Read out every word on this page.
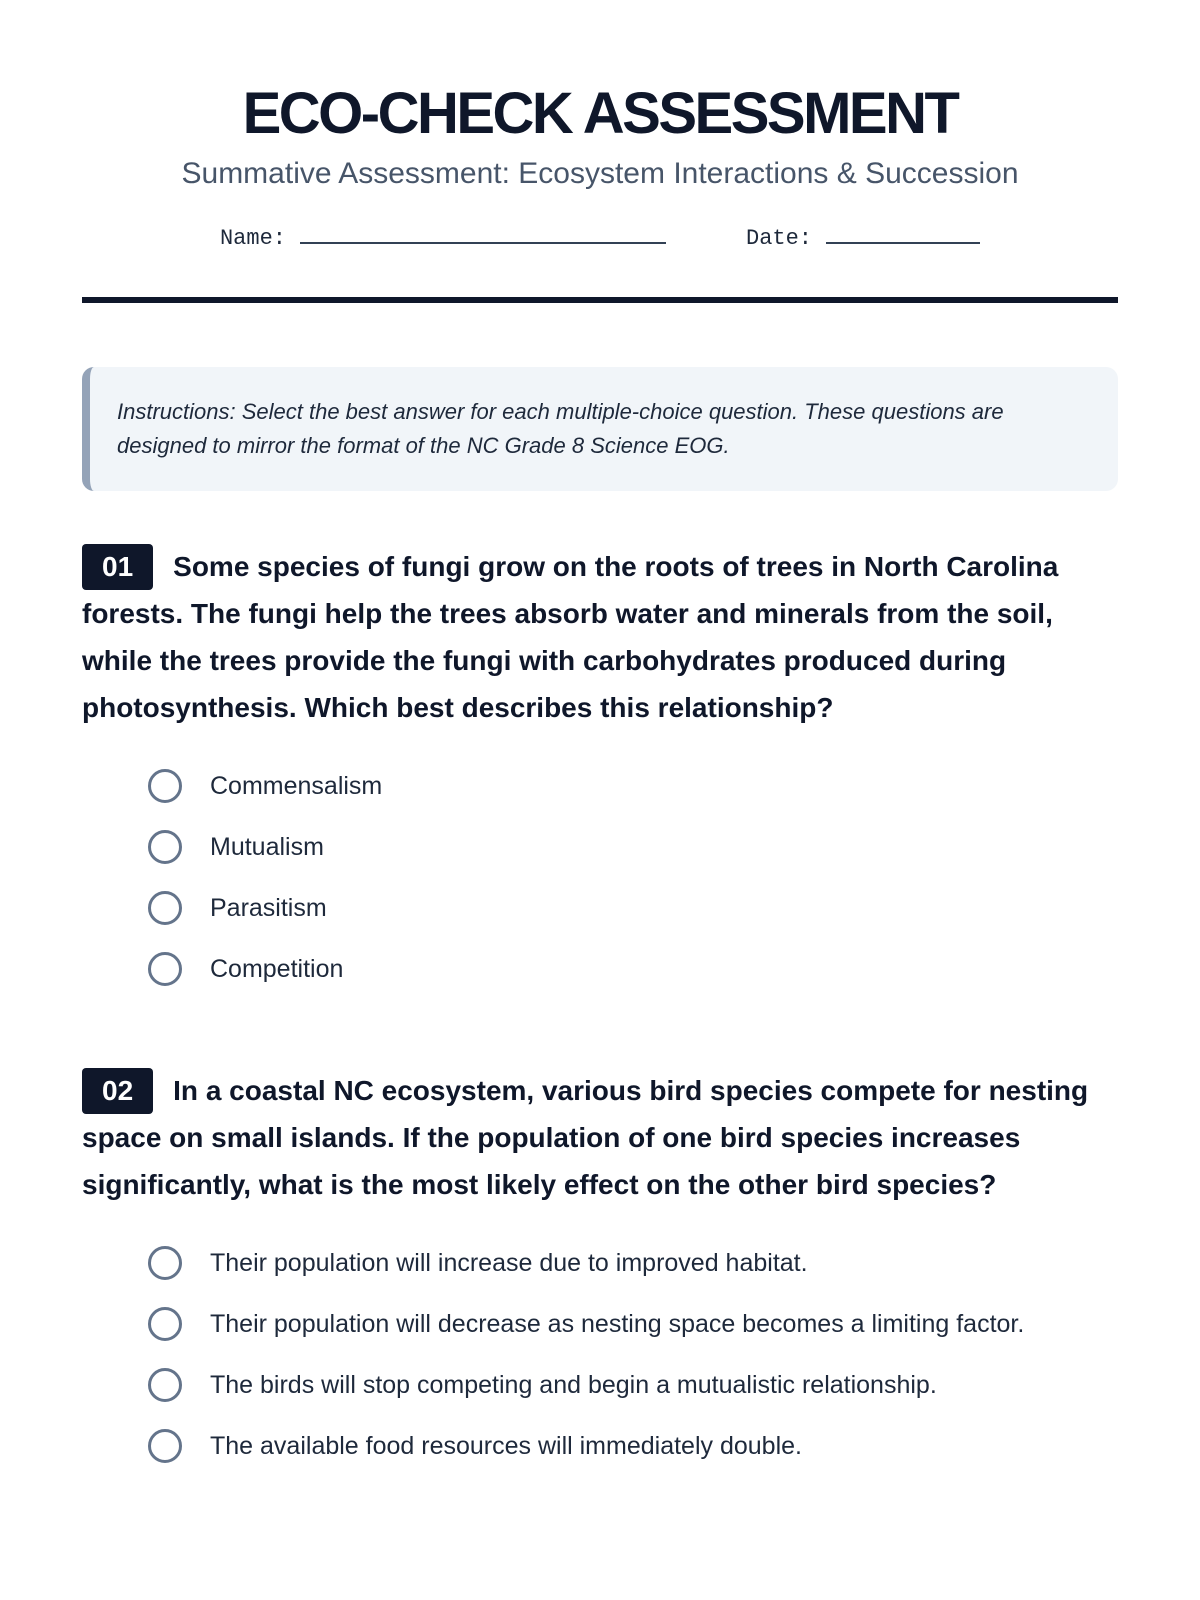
ECO-CHECK ASSESSMENT
Summative Assessment: Ecosystem Interactions & Succession
Name:	Date:
Instructions: Select the best answer for each multiple-choice question. These questions are designed to mirror the format of the NC Grade 8 Science EOG.
01 Some species of fungi grow on the roots of trees in North Carolina forests. The fungi help the trees absorb water and minerals from the soil, while the trees provide the fungi with carbohydrates produced during photosynthesis. Which best describes this relationship?
Commensalism
Mutualism
Parasitism
Competition
02 In a coastal NC ecosystem, various bird species compete for nesting space on small islands. If the population of one bird species increases significantly, what is the most likely effect on the other bird species?
Their population will increase due to improved habitat.
Their population will decrease as nesting space becomes a limiting factor.
The birds will stop competing and begin a mutualistic relationship.
The available food resources will immediately double.
